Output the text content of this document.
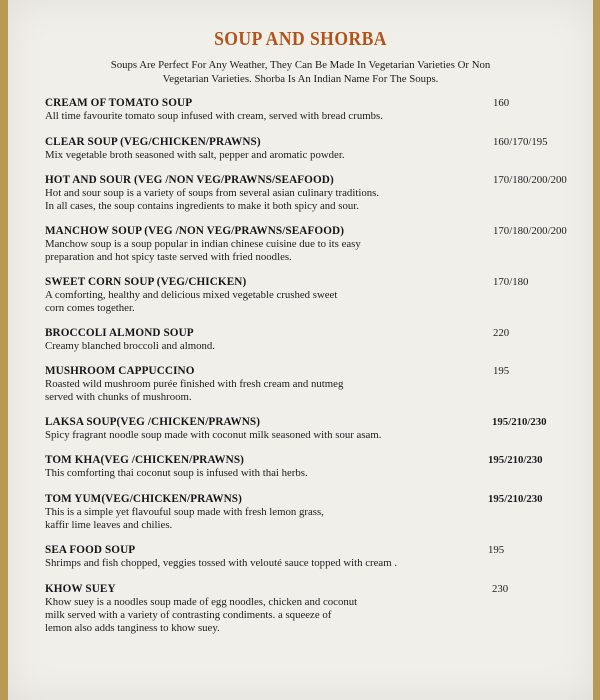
SOUP AND SHORBA
Soups Are Perfect For Any Weather, They Can Be Made In Vegetarian Varieties Or Non
Vegetarian Varieties. Shorba Is An Indian Name For The Soups.
CREAM OF TOMATO SOUP
All time favourite tomato soup infused with cream, served with bread crumbs.
160
CLEAR SOUP (VEG/CHICKEN/PRAWNS)
Mix vegetable broth seasoned with salt, pepper and aromatic powder.
160/170/195
HOT AND SOUR (VEG /NON VEG/PRAWNS/SEAFOOD)
Hot and sour soup is a variety of soups from several asian culinary traditions.
In all cases, the soup contains ingredients to make it both spicy and sour.
170/180/200/200
MANCHOW SOUP (VEG /NON VEG/PRAWNS/SEAFOOD)
Manchow soup is a soup popular in indian chinese cuisine due to its easy
preparation and hot spicy taste served with fried noodles.
170/180/200/200
SWEET CORN SOUP (VEG/CHICKEN)
A comforting, healthy and delicious mixed vegetable crushed sweet
corn comes together.
170/180
BROCCOLI ALMOND SOUP
Creamy blanched broccoli and almond.
220
MUSHROOM CAPPUCCINO
Roasted wild mushroom purée finished with fresh cream and nutmeg
served with chunks of mushroom.
195
LAKSA SOUP(VEG /CHICKEN/PRAWNS)
Spicy fragrant noodle soup made with coconut milk seasoned with sour asam.
195/210/230
TOM KHA(VEG /CHICKEN/PRAWNS)
This comforting thai coconut soup is infused with thai herbs.
195/210/230
TOM YUM(VEG/CHICKEN/PRAWNS)
This is a simple yet flavouful soup made with fresh lemon grass,
kaffir lime leaves and chilies.
195/210/230
SEA FOOD SOUP
Shrimps and fish chopped, veggies tossed with velouté sauce topped with cream .
195
KHOW SUEY
Khow suey is a noodles soup made of egg noodles, chicken and coconut
milk served with a variety of contrasting condiments. a squeeze of
lemon also adds tanginess to khow suey.
230
